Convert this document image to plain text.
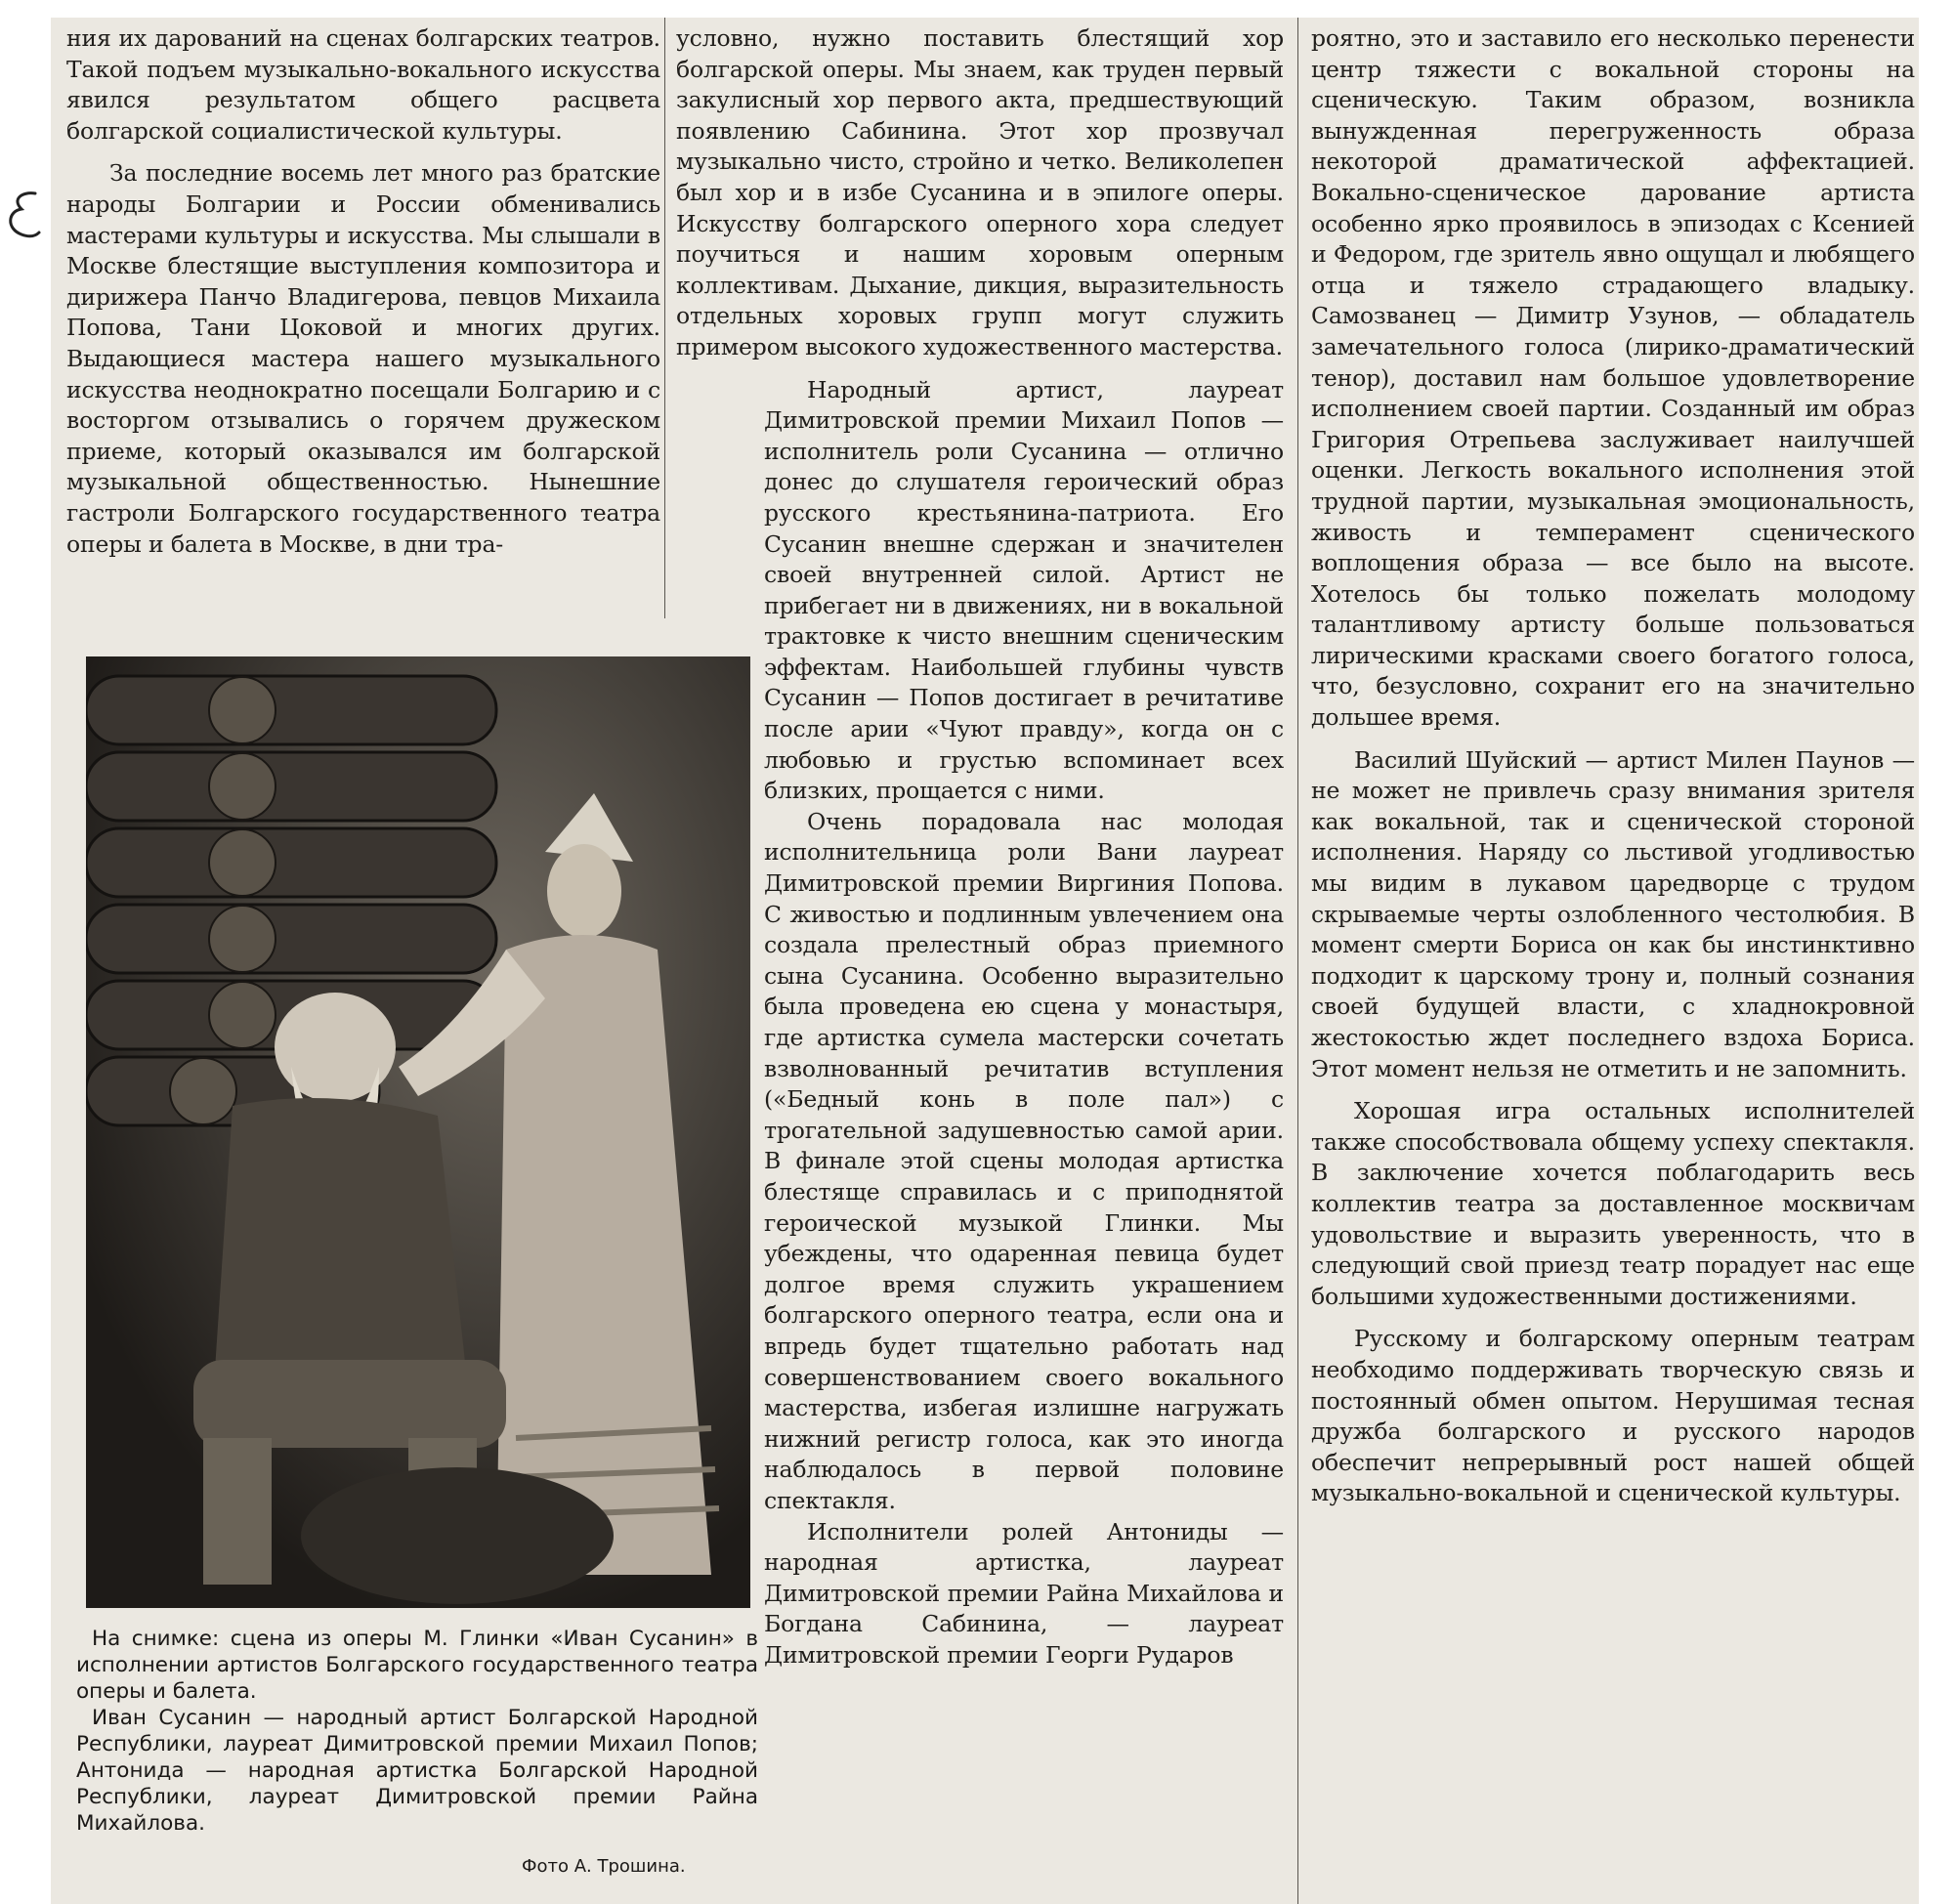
ния их дарований на сценах болгарских театров. Такой подъем музыкально-вокального искусства явился результатом общего расцвета болгарской социалистической культуры.

За последние восемь лет много раз братские народы Болгарии и России обменивались мастерами культуры и искусства. Мы слышали в Москве блестящие выступления композитора и дирижера Панчо Владигерова, певцов Михаила Попова, Тани Цоковой и многих других. Выдающиеся мастера нашего музыкального искусства неоднократно посещали Болгарию и с восторгом отзывались о горячем дружеском приеме, который оказывался им болгарской музыкальной общественностью. Нынешние гастроли Болгарского государственного театра оперы и балета в Москве, в дни тра-

На снимке: сцена из оперы М. Глинки «Иван Сусанин» в исполнении артистов Болгарского государственного театра оперы и балета.

Иван Сусанин — народный артист Болгарской Народной Республики, лауреат Димитровской премии Михаил Попов; Антонида — народная артистка Болгарской Народной Республики, лауреат Димитровской премии Райна Михайлова.

Фото А. Трошина.

условно, нужно поставить блестящий хор болгарской оперы. Мы знаем, как труден первый закулисный хор первого акта, предшествующий появлению Сабинина. Этот хор прозвучал музыкально чисто, стройно и четко. Великолепен был хор и в избе Сусанина и в эпилоге оперы. Искусству болгарского оперного хора следует поучиться и нашим хоровым оперным коллективам. Дыхание, дикция, выразительность отдельных хоровых групп могут служить примером высокого художественного мастерства.

Народный артист, лауреат Димитровской премии Михаил Попов — исполнитель роли Сусанина — отлично донес до слушателя героический образ русского крестьянина-патриота. Его Сусанин внешне сдержан и значителен своей внутренней силой. Артист не прибегает ни в движениях, ни в вокальной трактовке к чисто внешним сценическим эффектам. Наибольшей глубины чувств Сусанин — Попов достигает в речитативе после арии «Чуют правду», когда он с любовью и грустью вспоминает всех близких, прощается с ними.

Очень порадовала нас молодая исполнительница роли Вани лауреат Димитровской премии Виргиния Попова. С живостью и подлинным увлечением она создала прелестный образ приемного сына Сусанина. Особенно выразительно была проведена ею сцена у монастыря, где артистка сумела мастерски сочетать взволнованный речитатив вступления («Бедный конь в поле пал») с трогательной задушевностью самой арии. В финале этой сцены молодая артистка блестяще справилась и с приподнятой героической музыкой Глинки. Мы убеждены, что одаренная певица будет долгое время служить украшением болгарского оперного театра, если она и впредь будет тщательно работать над совершенствованием своего вокального мастерства, избегая излишне нагружать нижний регистр голоса, как это иногда наблюдалось в первой половине спектакля.

Исполнители ролей Антониды — народная артистка, лауреат Димитровской премии Райна Михайлова и Богдана Сабинина, — лауреат Димитровской премии Георги Рударов

роятно, это и заставило его несколько перенести центр тяжести с вокальной стороны на сценическую. Таким образом, возникла вынужденная перегруженность образа некоторой драматической аффектацией. Вокально-сценическое дарование артиста особенно ярко проявилось в эпизодах с Ксенией и Федором, где зритель явно ощущал и любящего отца и тяжело страдающего владыку. Самозванец — Димитр Узунов, — обладатель замечательного голоса (лирико-драматический тенор), доставил нам большое удовлетворение исполнением своей партии. Созданный им образ Григория Отрепьева заслуживает наилучшей оценки. Легкость вокального исполнения этой трудной партии, музыкальная эмоциональность, живость и темперамент сценического воплощения образа — все было на высоте. Хотелось бы только пожелать молодому талантливому артисту больше пользоваться лирическими красками своего богатого голоса, что, безусловно, сохранит его на значительно дольшее время.

Василий Шуйский — артист Милен Паунов — не может не привлечь сразу внимания зрителя как вокальной, так и сценической стороной исполнения. Наряду со льстивой угодливостью мы видим в лукавом царедворце с трудом скрываемые черты озлобленного честолюбия. В момент смерти Бориса он как бы инстинктивно подходит к царскому трону и, полный сознания своей будущей власти, с хладнокровной жестокостью ждет последнего вздоха Бориса. Этот момент нельзя не отметить и не запомнить.

Хорошая игра остальных исполнителей также способствовала общему успеху спектакля. В заключение хочется поблагодарить весь коллектив театра за доставленное москвичам удовольствие и выразить уверенность, что в следующий свой приезд театр порадует нас еще большими художественными достижениями.

Русскому и болгарскому оперным театрам необходимо поддерживать творческую связь и постоянный обмен опытом. Нерушимая тесная дружба болгарского и русского народов обеспечит непрерывный рост нашей общей музыкально-вокальной и сценической культуры.
